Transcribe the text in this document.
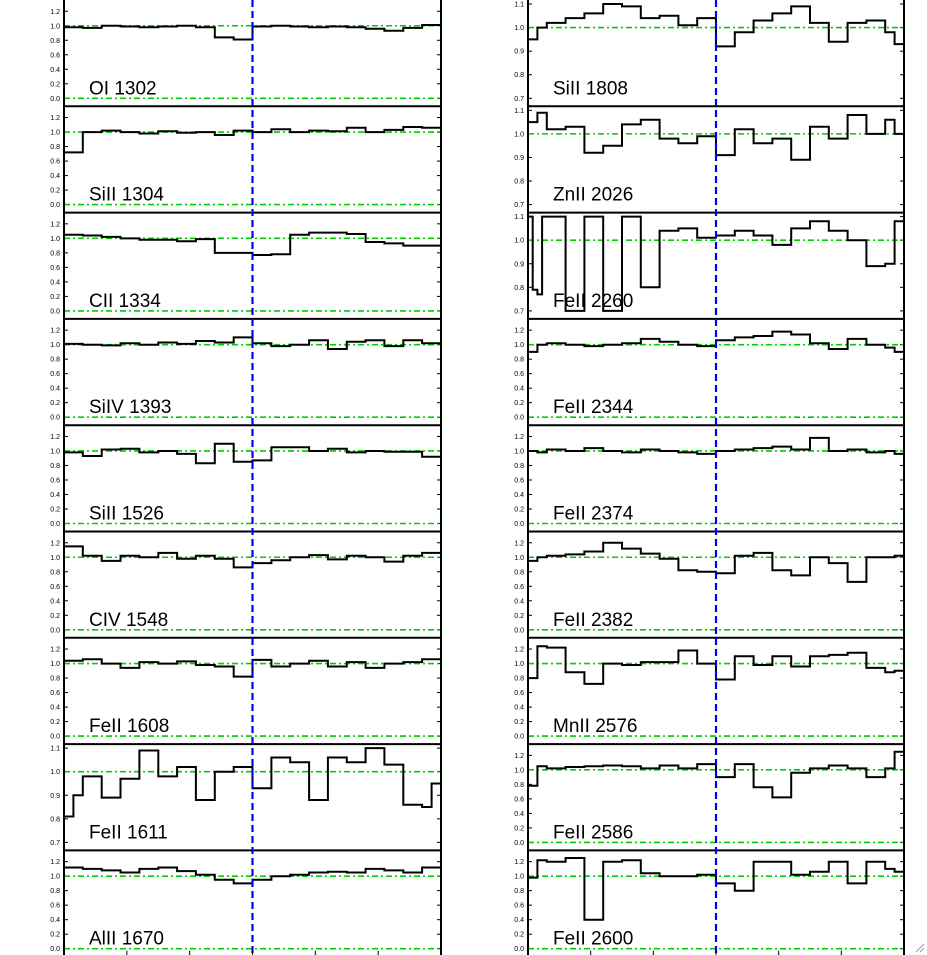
0.0
0.2
0.4
0.6
0.8
1.0
1.2
OI 1302
0.0
0.2
0.4
0.6
0.8
1.0
1.2
SiII 1304
0.0
0.2
0.4
0.6
0.8
1.0
1.2
CII 1334
0.0
0.2
0.4
0.6
0.8
1.0
1.2
SiIV 1393
0.0
0.2
0.4
0.6
0.8
1.0
1.2
SiII 1526
0.0
0.2
0.4
0.6
0.8
1.0
1.2
CIV 1548
0.0
0.2
0.4
0.6
0.8
1.0
1.2
FeII 1608
0.7
0.8
0.9
1.0
1.1
FeII 1611
0.0
0.2
0.4
0.6
0.8
1.0
1.2
AlII 1670
0.7
0.8
0.9
1.0
1.1
SiII 1808
0.7
0.8
0.9
1.0
1.1
ZnII 2026
0.7
0.8
0.9
1.0
1.1
FeII 2260
0.0
0.2
0.4
0.6
0.8
1.0
1.2
FeII 2344
0.0
0.2
0.4
0.6
0.8
1.0
1.2
FeII 2374
0.0
0.2
0.4
0.6
0.8
1.0
1.2
FeII 2382
0.0
0.2
0.4
0.6
0.8
1.0
1.2
MnII 2576
0.0
0.2
0.4
0.6
0.8
1.0
1.2
FeII 2586
0.0
0.2
0.4
0.6
0.8
1.0
1.2
FeII 2600
